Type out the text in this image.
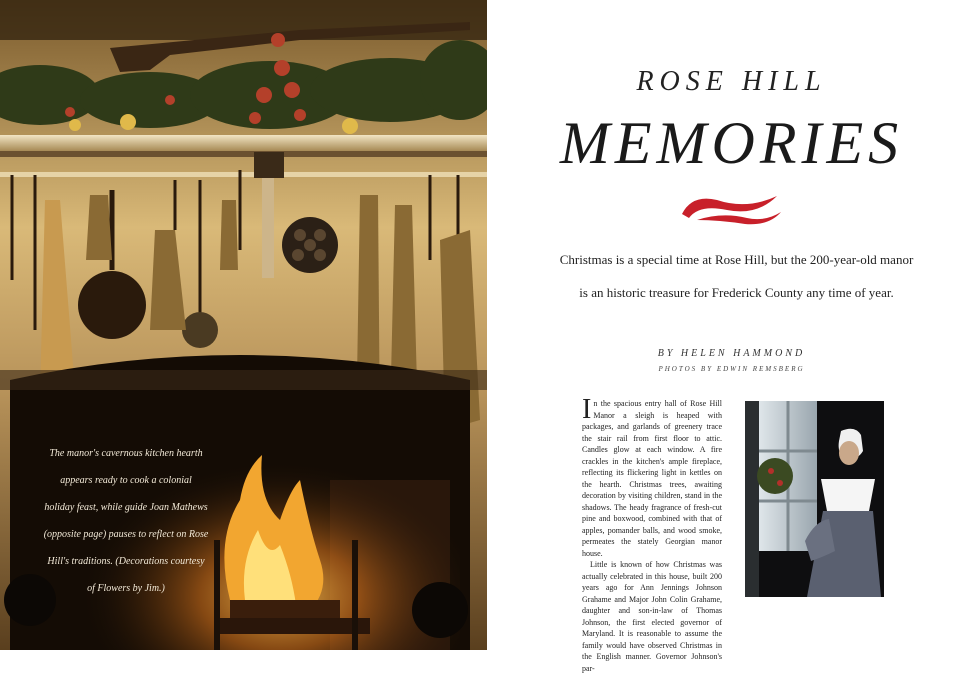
The manor's cavernous kitchen hearth
appears ready to cook a colonial
holiday feast, while guide Joan Mathews
(opposite page) pauses to reflect on Rose
Hill's traditions. (Decorations courtesy
of Flowers by Jim.)
ROSE HILL
MEMORIES
Christmas is a special time at Rose Hill, but the 200-year-old manor is an historic treasure for Frederick County any time of year.
BY HELEN HAMMOND
PHOTOS BY EDWIN REMSBERG

In the spacious entry hall of Rose Hill Manor a sleigh is heaped with packages, and garlands of greenery trace the stair rail from first floor to attic. Candles glow at each window. A fire crackles in the kitchen's ample fireplace, reflecting its flickering light in kettles on the hearth. Christmas trees, awaiting decoration by visiting children, stand in the shadows. The heady fragrance of fresh-cut pine and boxwood, combined with that of apples, pomander balls, and wood smoke, permeates the stately Georgian manor house.

Little is known of how Christmas was actually celebrated in this house, built 200 years ago for Ann Jennings Johnson Grahame and Major John Colin Grahame, daughter and son-in-law of Thomas Johnson, the first elected governor of Maryland. It is reasonable to assume the family would have observed Christmas in the English manner. Governor Johnson's par-
